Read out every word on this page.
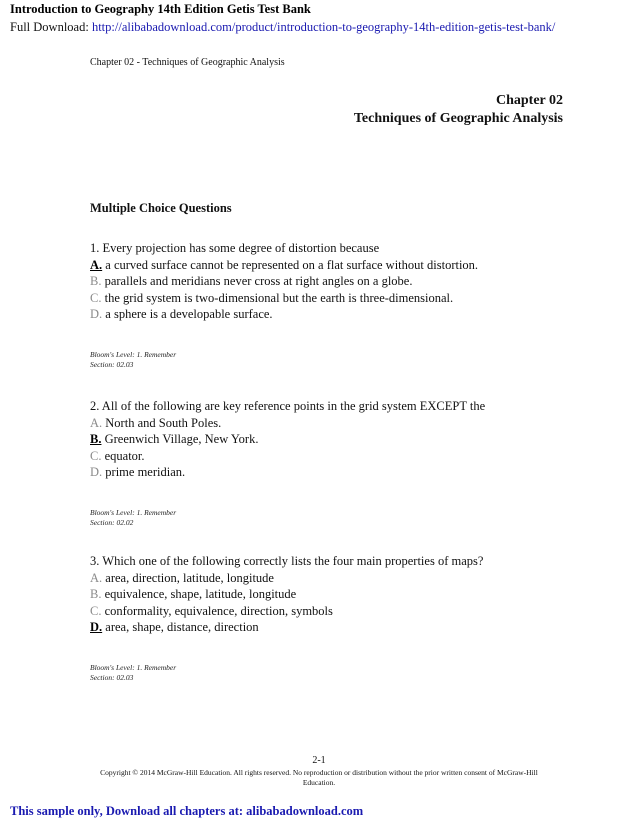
Introduction to Geography 14th Edition Getis Test Bank
Full Download: http://alibabadownload.com/product/introduction-to-geography-14th-edition-getis-test-bank/
Chapter 02 - Techniques of Geographic Analysis
Chapter 02
Techniques of Geographic Analysis
Multiple Choice Questions
1. Every projection has some degree of distortion because
A. a curved surface cannot be represented on a flat surface without distortion.
B. parallels and meridians never cross at right angles on a globe.
C. the grid system is two-dimensional but the earth is three-dimensional.
D. a sphere is a developable surface.
Bloom's Level: 1. Remember
Section: 02.03
2. All of the following are key reference points in the grid system EXCEPT the
A. North and South Poles.
B. Greenwich Village, New York.
C. equator.
D. prime meridian.
Bloom's Level: 1. Remember
Section: 02.02
3. Which one of the following correctly lists the four main properties of maps?
A. area, direction, latitude, longitude
B. equivalence, shape, latitude, longitude
C. conformality, equivalence, direction, symbols
D. area, shape, distance, direction
Bloom's Level: 1. Remember
Section: 02.03
2-1
Copyright © 2014 McGraw-Hill Education. All rights reserved. No reproduction or distribution without the prior written consent of McGraw-Hill Education.
This sample only, Download all chapters at: alibabadownload.com
